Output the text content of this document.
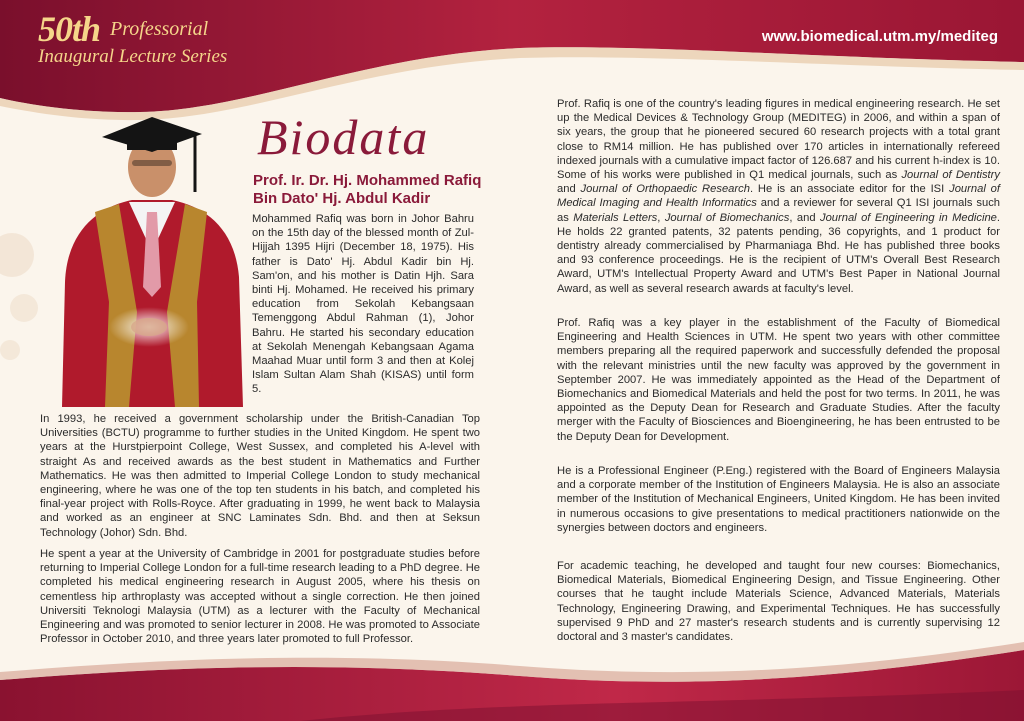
50th Professorial
Inaugural Lecture Series
www.biomedical.utm.my/mediteg
Biodata
Prof. Ir. Dr. Hj. Mohammed Rafiq
Bin Dato' Hj. Abdul Kadir

Mohammed Rafiq was born in Johor Bahru on the 15th day of the blessed month of Zul-Hijjah 1395 Hijri (December 18, 1975). His father is Dato' Hj. Abdul Kadir bin Hj. Sam'on, and his mother is Datin Hjh. Sara binti Hj. Mohamed. He received his primary education from Sekolah Kebangsaan Temenggong Abdul Rahman (1), Johor Bahru. He started his secondary education at Sekolah Menengah Kebangsaan Agama Maahad Muar until form 3 and then at Kolej Islam Sultan Alam Shah (KISAS) until form 5.

In 1993, he received a government scholarship under the British-Canadian Top Universities (BCTU) programme to further studies in the United Kingdom. He spent two years at the Hurstpierpoint College, West Sussex, and completed his A-level with straight As and received awards as the best student in Mathematics and Further Mathematics. He was then admitted to Imperial College London to study mechanical engineering, where he was one of the top ten students in his batch, and completed his final-year project with Rolls-Royce. After graduating in 1999, he went back to Malaysia and worked as an engineer at SNC Laminates Sdn. Bhd. and then at Seksun Technology (Johor) Sdn. Bhd.

He spent a year at the University of Cambridge in 2001 for postgraduate studies before returning to Imperial College London for a full-time research leading to a PhD degree. He completed his medical engineering research in August 2005, where his thesis on cementless hip arthroplasty was accepted without a single correction. He then joined Universiti Teknologi Malaysia (UTM) as a lecturer with the Faculty of Mechanical Engineering and was promoted to senior lecturer in 2008. He was promoted to Associate Professor in October 2010, and three years later promoted to full Professor.

Prof. Rafiq is one of the country's leading figures in medical engineering research. He set up the Medical Devices & Technology Group (MEDITEG) in 2006, and within a span of six years, the group that he pioneered secured 60 research projects with a total grant close to RM14 million. He has published over 170 articles in internationally refereed indexed journals with a cumulative impact factor of 126.687 and his current h-index is 10. Some of his works were published in Q1 medical journals, such as Journal of Dentistry and Journal of Orthopaedic Research. He is an associate editor for the ISI Journal of Medical Imaging and Health Informatics and a reviewer for several Q1 ISI journals such as Materials Letters, Journal of Biomechanics, and Journal of Engineering in Medicine. He holds 22 granted patents, 32 patents pending, 36 copyrights, and 1 product for dentistry already commercialised by Pharmaniaga Bhd. He has published three books and 93 conference proceedings. He is the recipient of UTM's Overall Best Research Award, UTM's Intellectual Property Award and UTM's Best Paper in National Journal Award, as well as several research awards at faculty's level.

Prof. Rafiq was a key player in the establishment of the Faculty of Biomedical Engineering and Health Sciences in UTM. He spent two years with other committee members preparing all the required paperwork and successfully defended the proposal with the relevant ministries until the new faculty was approved by the government in September 2007. He was immediately appointed as the Head of the Department of Biomechanics and Biomedical Materials and held the post for two terms. In 2011, he was appointed as the Deputy Dean for Research and Graduate Studies. After the faculty merger with the Faculty of Biosciences and Bioengineering, he has been entrusted to be the Deputy Dean for Development.

He is a Professional Engineer (P.Eng.) registered with the Board of Engineers Malaysia and a corporate member of the Institution of Engineers Malaysia. He is also an associate member of the Institution of Mechanical Engineers, United Kingdom. He has been invited in numerous occasions to give presentations to medical practitioners nationwide on the synergies between doctors and engineers.

For academic teaching, he developed and taught four new courses: Biomechanics, Biomedical Materials, Biomedical Engineering Design, and Tissue Engineering. Other courses that he taught include Materials Science, Advanced Materials, Materials Technology, Engineering Drawing, and Experimental Techniques. He has successfully supervised 9 PhD and 27 master's research students and is currently supervising 12 doctoral and 3 master's candidates.
